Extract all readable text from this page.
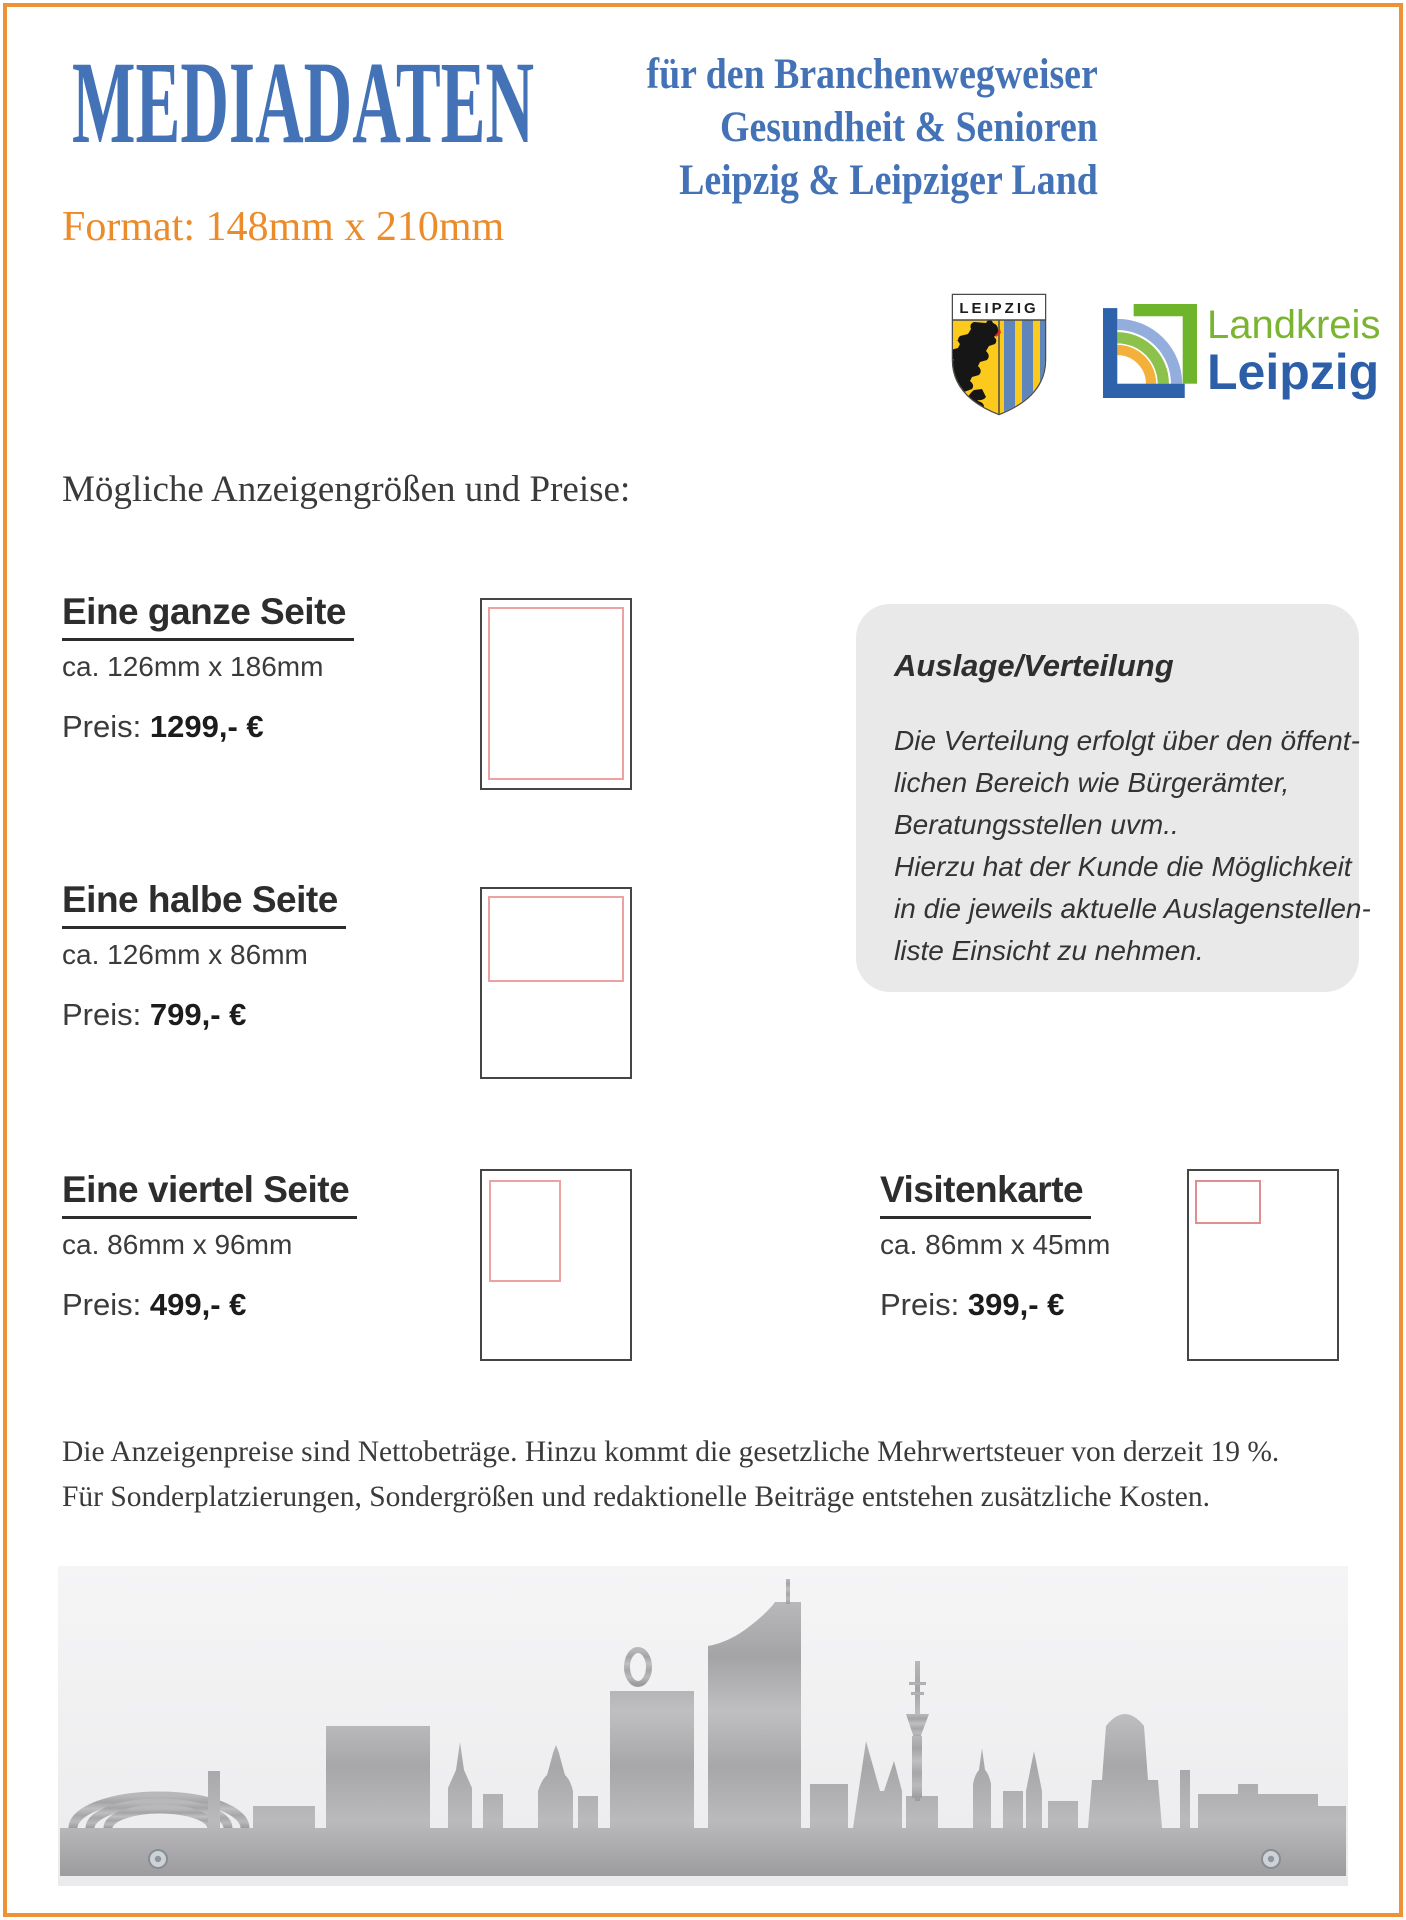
MEDIADATEN	für den Branchenwegweiser
Gesundheit & Senioren
Leipzig & Leipziger Land
Format: 148mm x 210mm
LEIPZIG	Landkreis
Leipzig
Mögliche Anzeigengrößen und Preise:
Eine ganze Seite
ca. 126mm x 186mm
Preis: 1299,- €
Eine halbe Seite
ca. 126mm x 86mm
Preis: 799,- €
Eine viertel Seite
ca. 86mm x 96mm
Preis: 499,- €
Visitenkarte
ca. 86mm x 45mm
Preis: 399,- €
Auslage/Verteilung
Die Verteilung erfolgt über den öffent-
lichen Bereich wie Bürgerämter,
Beratungsstellen uvm..
Hierzu hat der Kunde die Möglichkeit
in die jeweils aktuelle Auslagenstellen-
liste Einsicht zu nehmen.
Die Anzeigenpreise sind Nettobeträge. Hinzu kommt die gesetzliche Mehrwertsteuer von derzeit 19 %.
Für Sonderplatzierungen, Sondergrößen und redaktionelle Beiträge entstehen zusätzliche Kosten.
